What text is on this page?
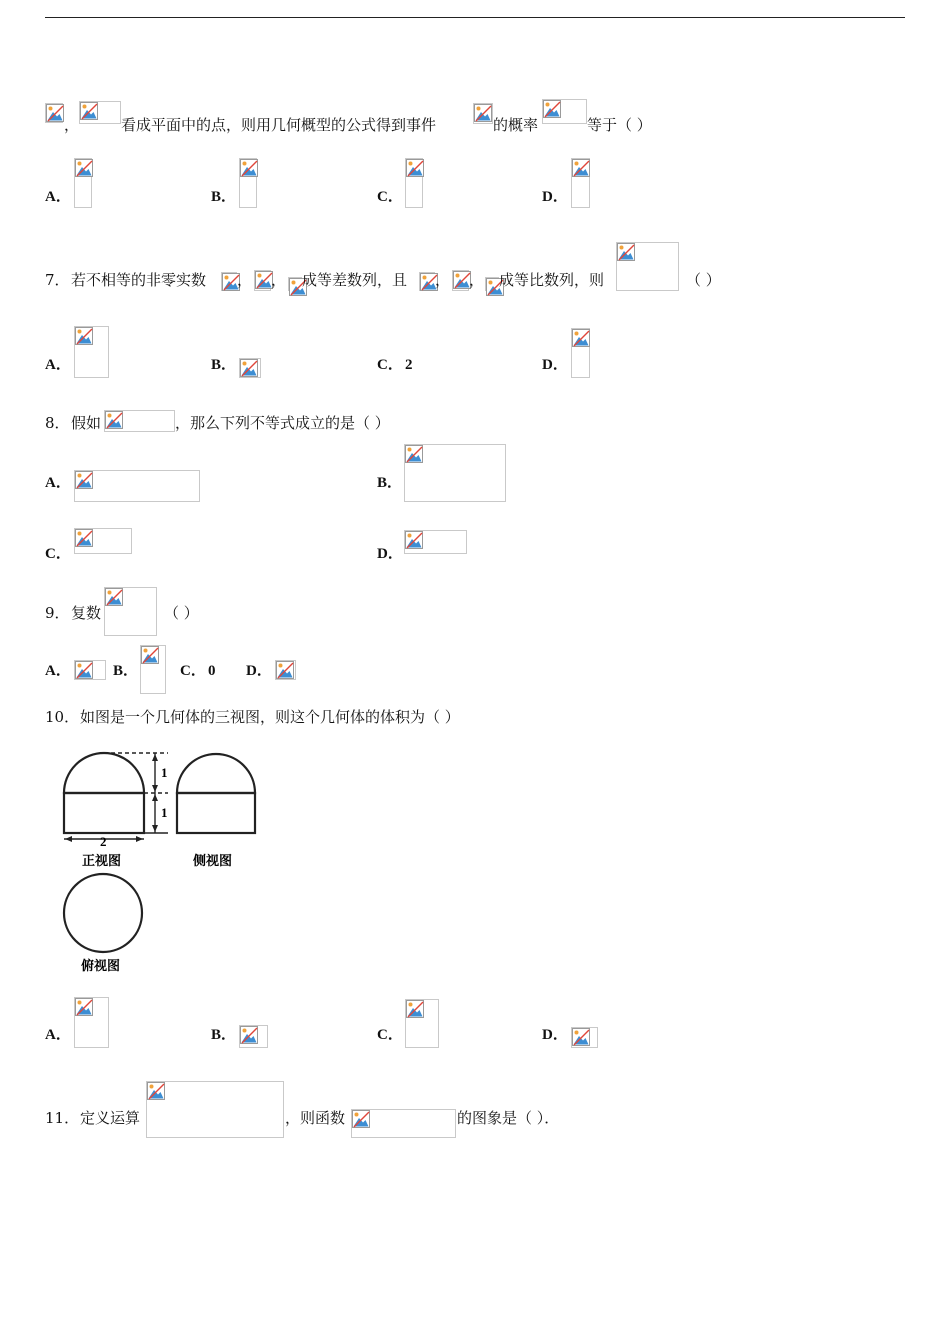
，	看成平面中的点，则用几何概型的公式得到事件	的概率	等于（ ）
A．	B．	C．	D．
7． 若不相等的非零实数 ， ， 成等差数列，且 ， ， 成等比数列，则	（ ）
A．	B．	C． 2	D．
8． 假如	，那么下列不等式成立的是（ ）
A．	B．
C．	D．
9． 复数	（ ）
A．	B．	C． 0 D．
10． 如图是一个几何体的三视图，则这个几何体的体积为（ ）
1
1
2
正视图	侧视图
俯视图
A．	B．	C．	D．
11． 定义运算	，则函数	的图象是（ ）．
